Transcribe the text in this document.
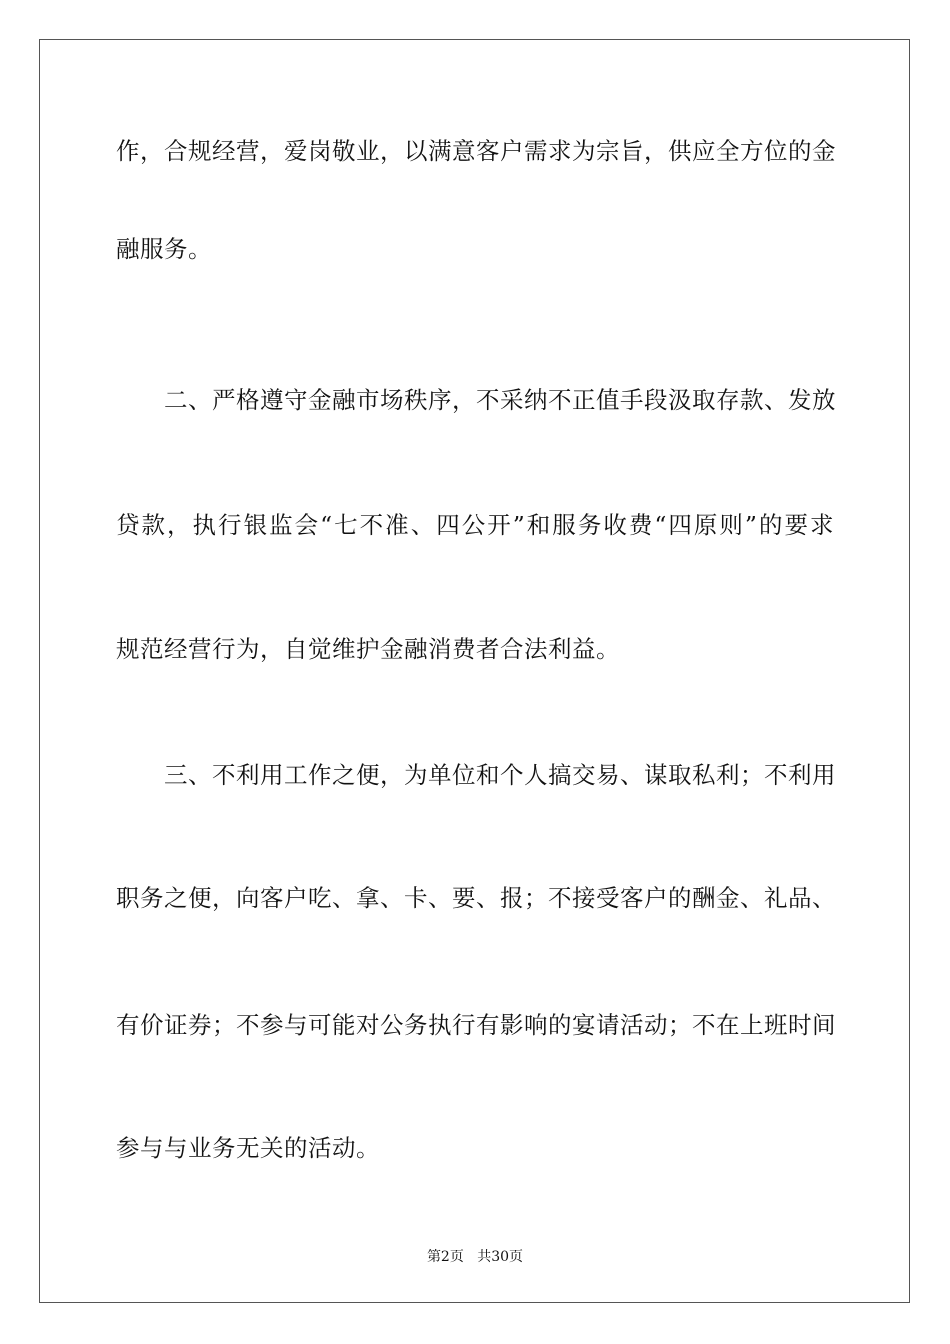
作，合规经营，爱岗敬业，以满意客户需求为宗旨，供应全方位的金
融服务。
二、严格遵守金融市场秩序，不采纳不正值手段汲取存款、发放
贷款，执行银监会“七不准、四公开”和服务收费“四原则”的要求
规范经营行为，自觉维护金融消费者合法利益。
三、不利用工作之便，为单位和个人搞交易、谋取私利；不利用
职务之便，向客户吃、拿、卡、要、报；不接受客户的酬金、礼品、
有价证券；不参与可能对公务执行有影响的宴请活动；不在上班时间
参与与业务无关的活动。
第2页 共30页
